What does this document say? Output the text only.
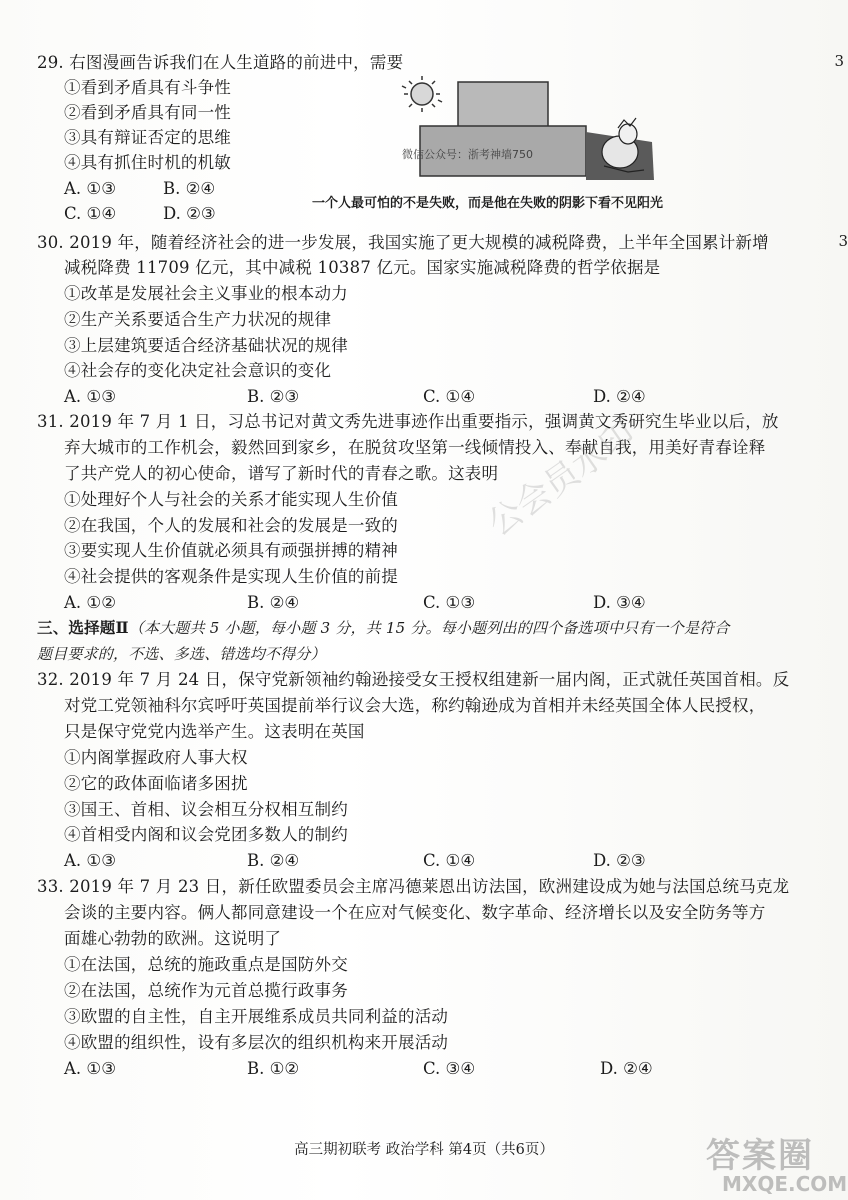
3
3
29. 右图漫画告诉我们在人生道路的前进中，需要
①看到矛盾具有斗争性
②看到矛盾具有同一性
③具有辩证否定的思维
④具有抓住时机的机敏
A. ①③	B. ②④
C. ①④	D. ②③
微信公众号：浙考神墙750
一个人最可怕的不是失败，而是他在失败的阴影下看不见阳光
30. 2019 年，随着经济社会的进一步发展，我国实施了更大规模的减税降费，上半年全国累计新增
减税降费 11709 亿元，其中减税 10387 亿元。国家实施减税降费的哲学依据是
①改革是发展社会主义事业的根本动力
②生产关系要适合生产力状况的规律
③上层建筑要适合经济基础状况的规律
④社会存的变化决定社会意识的变化
A. ①③	B. ②③	C. ①④	D. ②④
31. 2019 年 7 月 1 日，习总书记对黄文秀先进事迹作出重要指示，强调黄文秀研究生毕业以后，放
弃大城市的工作机会，毅然回到家乡，在脱贫攻坚第一线倾情投入、奉献自我，用美好青春诠释
了共产党人的初心使命，谱写了新时代的青春之歌。这表明
①处理好个人与社会的关系才能实现人生价值
②在我国，个人的发展和社会的发展是一致的
③要实现人生价值就必须具有顽强拼搏的精神
④社会提供的客观条件是实现人生价值的前提
A. ①②	B. ②④	C. ①③	D. ③④
三、选择题Ⅱ（本大题共 5 小题，每小题 3 分，共 15 分。每小题列出的四个备选项中只有一个是符合
题目要求的，不选、多选、错选均不得分）
32. 2019 年 7 月 24 日，保守党新领袖约翰逊接受女王授权组建新一届内阁，正式就任英国首相。反
对党工党领袖科尔宾呼吁英国提前举行议会大选，称约翰逊成为首相并未经英国全体人民授权，
只是保守党党内选举产生。这表明在英国
①内阁掌握政府人事大权
②它的政体面临诸多困扰
③国王、首相、议会相互分权相互制约
④首相受内阁和议会党团多数人的制约
A. ①③	B. ②④	C. ①④	D. ②③
33. 2019 年 7 月 23 日，新任欧盟委员会主席冯德莱恩出访法国，欧洲建设成为她与法国总统马克龙
会谈的主要内容。俩人都同意建设一个在应对气候变化、数字革命、经济增长以及安全防务等方
面雄心勃勃的欧洲。这说明了
①在法国，总统的施政重点是国防外交
②在法国，总统作为元首总揽行政事务
③欧盟的自主性，自主开展维系成员共同利益的活动
④欧盟的组织性，设有多层次的组织机构来开展活动
A. ①③	B. ①②	C. ③④	D. ②④
公会员水印
答案圈
MXQE.COM
高三期初联考 政治学科 第4页（共6页）
